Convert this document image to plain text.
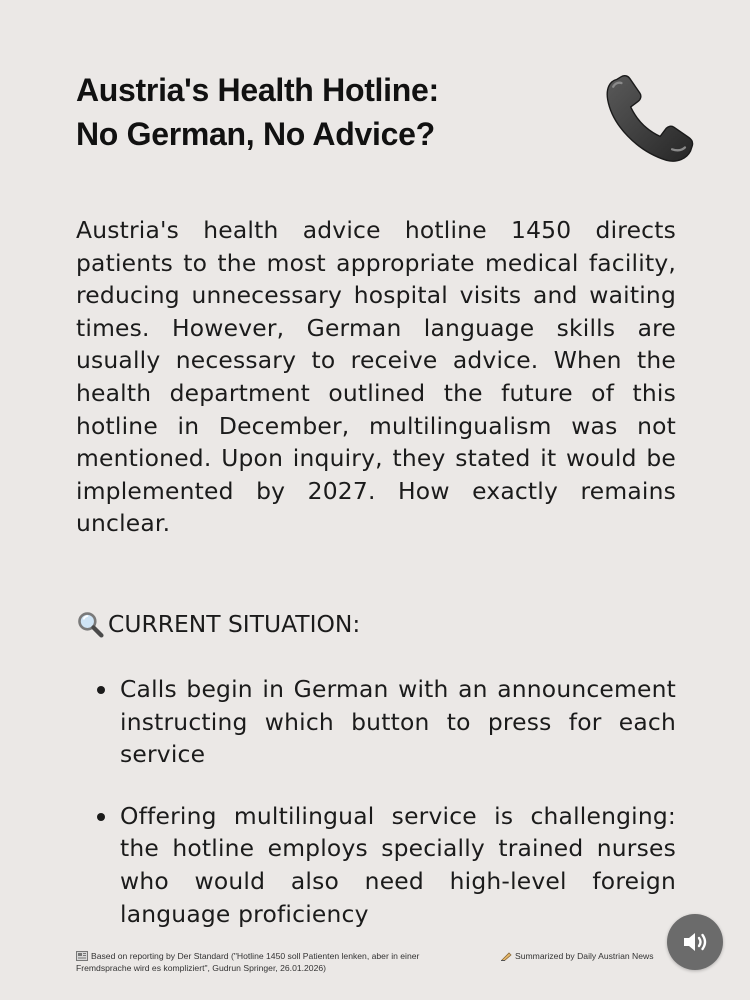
Austria's Health Hotline:
No German, No Advice?

Austria's health advice hotline 1450 directs patients to the most appropriate medical facility, reducing unnecessary hospital visits and waiting times. However, German language skills are usually necessary to receive advice. When the health department outlined the future of this hotline in December, multilingualism was not mentioned. Upon inquiry, they stated it would be implemented by 2027. How exactly remains unclear.

CURRENT SITUATION:
Calls begin in German with an announcement instructing which button to press for each service
Offering multilingual service is challenging: the hotline employs specially trained nurses who would also need high-level foreign language proficiency
Based on reporting by Der Standard ("Hotline 1450 soll Patienten lenken, aber in einer Fremdsprache wird es kompliziert", Gudrun Springer, 26.01.2026)
Summarized by Daily Austrian News
